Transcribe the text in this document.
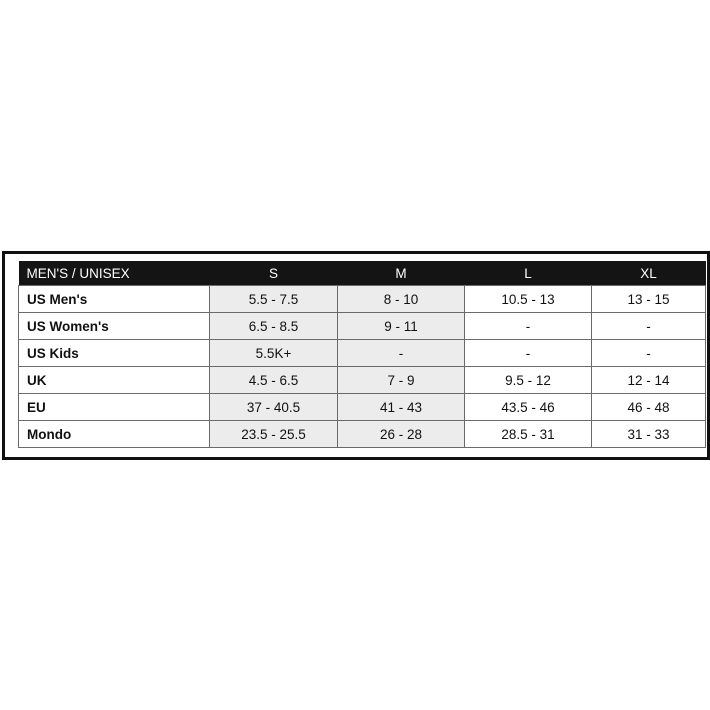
MEN'S / UNISEX	S	M	L	XL
US Men's	5.5 - 7.5	8 - 10	10.5 - 13	13 - 15
US Women's	6.5 - 8.5	9 - 11	-	-
US Kids	5.5K+	-	-	-
UK	4.5 - 6.5	7 - 9	9.5 - 12	12 - 14
EU	37 - 40.5	41 - 43	43.5 - 46	46 - 48
Mondo	23.5 - 25.5	26 - 28	28.5 - 31	31 - 33
